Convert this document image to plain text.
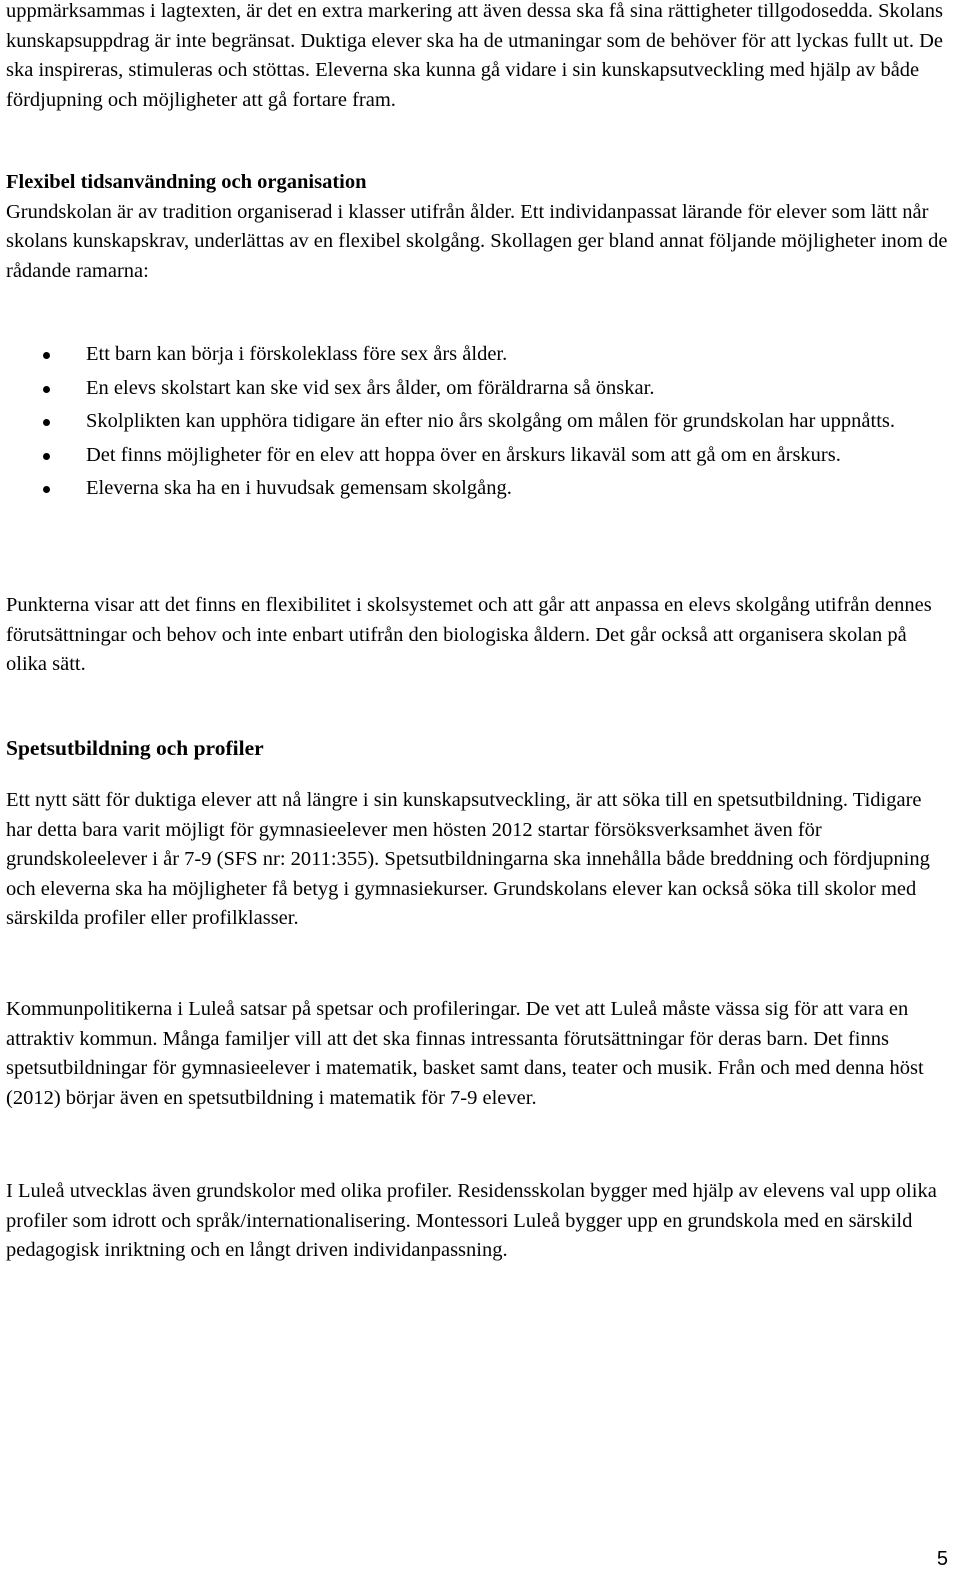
uppmärksammas i lagtexten, är det en extra markering att även dessa ska få sina rättigheter tillgodosedda. Skolans kunskapsuppdrag är inte begränsat. Duktiga elever ska ha de utmaningar som de behöver för att lyckas fullt ut. De ska inspireras, stimuleras och stöttas. Eleverna ska kunna gå vidare i sin kunskapsutveckling med hjälp av både fördjupning och möjligheter att gå fortare fram.

Flexibel tidsanvändning och organisation

Grundskolan är av tradition organiserad i klasser utifrån ålder. Ett individanpassat lärande för elever som lätt når skolans kunskapskrav, underlättas av en flexibel skolgång. Skollagen ger bland annat följande möjligheter inom de rådande ramarna:

Ett barn kan börja i förskoleklass före sex års ålder.
En elevs skolstart kan ske vid sex års ålder, om föräldrarna så önskar.
Skolplikten kan upphöra tidigare än efter nio års skolgång om målen för grundskolan har uppnåtts.
Det finns möjligheter för en elev att hoppa över en årskurs likaväl som att gå om en årskurs.
Eleverna ska ha en i huvudsak gemensam skolgång.

Punkterna visar att det finns en flexibilitet i skolsystemet och att går att anpassa en elevs skolgång utifrån dennes förutsättningar och behov och inte enbart utifrån den biologiska åldern. Det går också att organisera skolan på olika sätt.

Spetsutbildning och profiler

Ett nytt sätt för duktiga elever att nå längre i sin kunskapsutveckling, är att söka till en spetsutbildning. Tidigare har detta bara varit möjligt för gymnasieelever men hösten 2012 startar försöksverksamhet även för grundskoleelever i år 7-9 (SFS nr: 2011:355). Spetsutbildningarna ska innehålla både breddning och fördjupning och eleverna ska ha möjligheter få betyg i gymnasiekurser. Grundskolans elever kan också söka till skolor med särskilda profiler eller profilklasser.

Kommunpolitikerna i Luleå satsar på spetsar och profileringar. De vet att Luleå måste vässa sig för att vara en attraktiv kommun. Många familjer vill att det ska finnas intressanta förutsättningar för deras barn. Det finns spetsutbildningar för gymnasieelever i matematik, basket samt dans, teater och musik. Från och med denna höst (2012) börjar även en spetsutbildning i matematik för 7-9 elever.

I Luleå utvecklas även grundskolor med olika profiler. Residensskolan bygger med hjälp av elevens val upp olika profiler som idrott och språk/internationalisering. Montessori Luleå bygger upp en grundskola med en särskild pedagogisk inriktning och en långt driven individanpassning.

5
